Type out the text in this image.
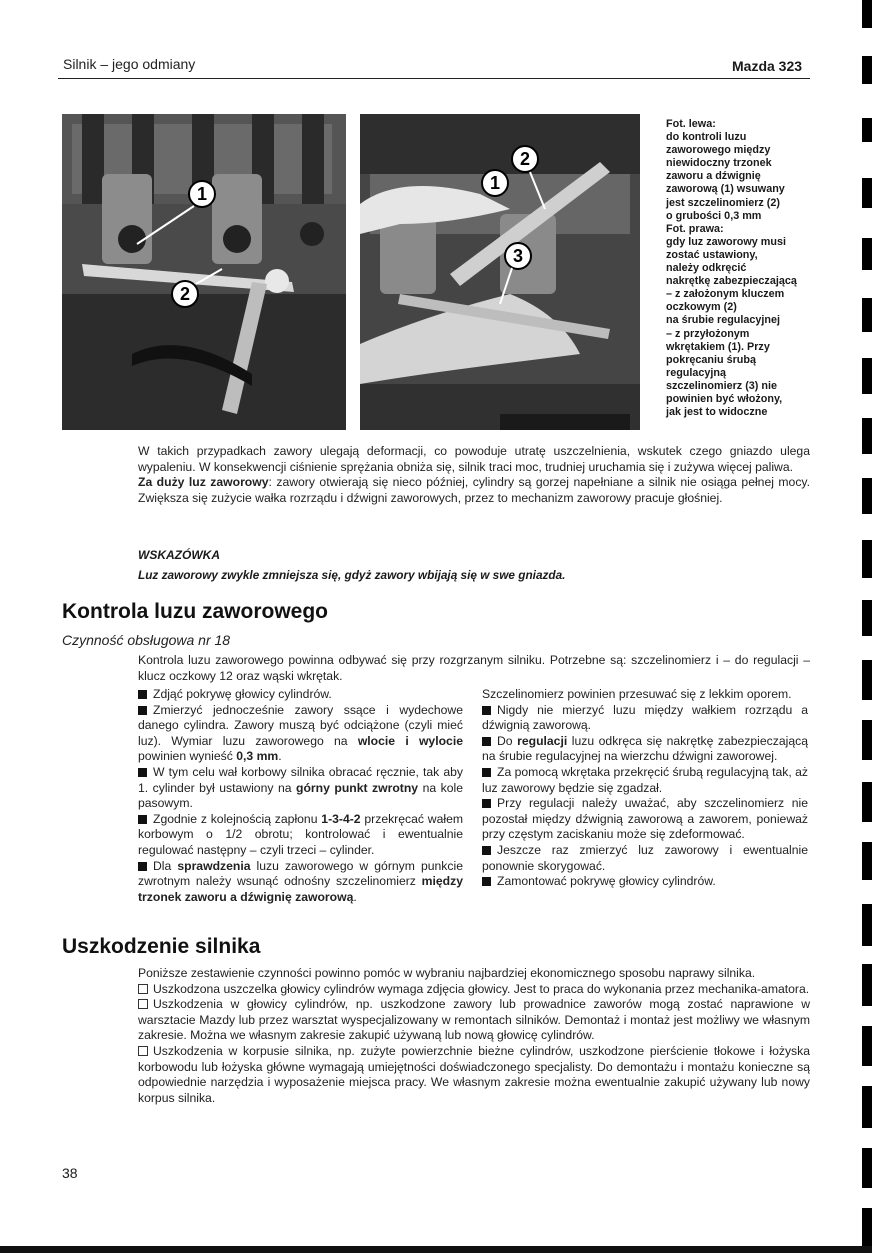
Silnik – jego odmiany	Mazda 323
1
2
1
2
3
Fot. lewa:
do kontroli luzu
zaworowego między
niewidoczny trzonek
zaworu a dźwignię
zaworową (1) wsuwany
jest szczelinomierz (2)
o grubości 0,3 mm
Fot. prawa:
gdy luz zaworowy musi
zostać ustawiony,
należy odkręcić
nakrętkę zabezpieczającą
– z założonym kluczem
oczkowym (2)
na śrubie regulacyjnej
– z przyłożonym
wkrętakiem (1). Przy
pokręcaniu śrubą
regulacyjną
szczelinomierz (3) nie
powinien być włożony,
jak jest to widoczne

W takich przypadkach zawory ulegają deformacji, co powoduje utratę uszczelnienia, wskutek czego gniazdo ulega wypaleniu. W konsekwencji ciśnienie sprężania obniża się, silnik traci moc, trudniej uruchamia się i zużywa więcej paliwa.

Za duży luz zaworowy: zawory otwierają się nieco później, cylindry są gorzej napełniane a silnik nie osiąga pełnej mocy. Zwiększa się zużycie wałka rozrządu i dźwigni zaworowych, przez to mechanizm zaworowy pracuje głośniej.

WSKAZÓWKA
Luz zaworowy zwykle zmniejsza się, gdyż zawory wbijają się w swe gniazda.
Kontrola luzu zaworowego
Czynność obsługowa nr 18
Kontrola luzu zaworowego powinna odbywać się przy rozgrzanym silniku. Potrzebne są: szczelinomierz i – do regulacji – klucz oczkowy 12 oraz wąski wkrętak.

Zdjąć pokrywę głowicy cylindrów.

Zmierzyć jednocześnie zawory ssące i wydechowe danego cylindra. Zawory muszą być odciążone (czyli mieć luz). Wymiar luzu zaworowego na wlocie i wylocie powinien wynieść 0,3 mm.

W tym celu wał korbowy silnika obracać ręcznie, tak aby 1. cylinder był ustawiony na górny punkt zwrotny na kole pasowym.

Zgodnie z kolejnością zapłonu 1-3-4-2 przekręcać wałem korbowym o 1/2 obrotu; kontrolować i ewentualnie regulować następny – czyli trzeci – cylinder.

Dla sprawdzenia luzu zaworowego w górnym punkcie zwrotnym należy wsunąć odnośny szczelinomierz między trzonek zaworu a dźwignię zaworową.

Szczelinomierz powinien przesuwać się z lekkim oporem.

Nigdy nie mierzyć luzu między wałkiem rozrządu a dźwignią zaworową.

Do regulacji luzu odkręca się nakrętkę zabezpieczającą na śrubie regulacyjnej na wierzchu dźwigni zaworowej.

Za pomocą wkrętaka przekręcić śrubą regulacyjną tak, aż luz zaworowy będzie się zgadzał.

Przy regulacji należy uważać, aby szczelinomierz nie pozostał między dźwignią zaworową a zaworem, ponieważ przy częstym zaciskaniu może się zdeformować.

Jeszcze raz zmierzyć luz zaworowy i ewentualnie ponownie skorygować.

Zamontować pokrywę głowicy cylindrów.

Uszkodzenie silnika

Poniższe zestawienie czynności powinno pomóc w wybraniu najbardziej ekonomicznego sposobu naprawy silnika.

Uszkodzona uszczelka głowicy cylindrów wymaga zdjęcia głowicy. Jest to praca do wykonania przez mechanika-amatora.

Uszkodzenia w głowicy cylindrów, np. uszkodzone zawory lub prowadnice zaworów mogą zostać naprawione w warsztacie Mazdy lub przez warsztat wyspecjalizowany w remontach silników. Demontaż i montaż jest możliwy we własnym zakresie. Można we własnym zakresie zakupić używaną lub nową głowicę cylindrów.

Uszkodzenia w korpusie silnika, np. zużyte powierzchnie bieżne cylindrów, uszkodzone pierścienie tłokowe i łożyska korbowodu lub łożyska główne wymagają umiejętności doświadczonego specjalisty. Do demontażu i montażu konieczne są odpowiednie narzędzia i wyposażenie miejsca pracy. We własnym zakresie można ewentualnie zakupić używany lub nowy korpus silnika.

38
